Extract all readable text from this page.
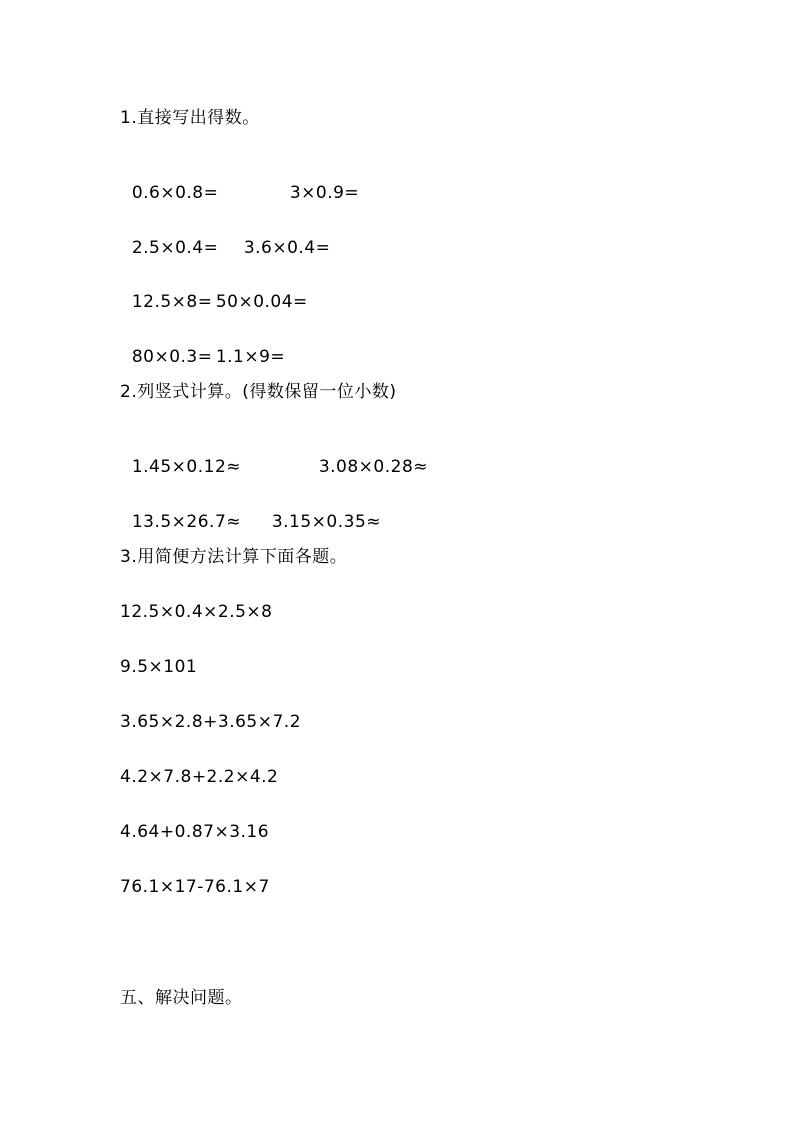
1.直接写出得数。

0.6×0.8=	3×0.9=

2.5×0.4= 3.6×0.4=

12.5×8= 50×0.04=

80×0.3= 1.1×9=

2.列竖式计算。(得数保留一位小数)

1.45×0.12≈	3.08×0.28≈

13.5×26.7≈ 3.15×0.35≈

3.用简便方法计算下面各题。
12.5×0.4×2.5×8
9.5×101
3.65×2.8+3.65×7.2
4.2×7.8+2.2×4.2
4.64+0.87×3.16
76.1×17-76.1×7
五、解决问题。
